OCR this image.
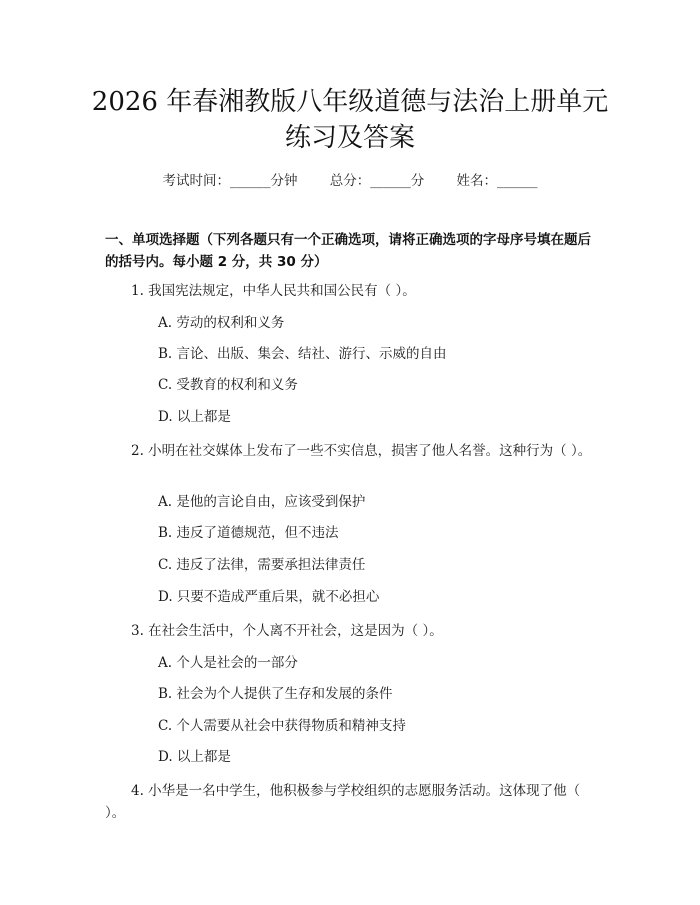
2026 年春湘教版八年级道德与法治上册单元
练习及答案
考试时间：______分钟 总分：______分 姓名：______
一、单项选择题（下列各题只有一个正确选项，请将正确选项的字母序号填在题后的括号内。每小题 2 分，共 30 分）
1. 我国宪法规定，中华人民共和国公民有（ ）。
A. 劳动的权利和义务
B. 言论、出版、集会、结社、游行、示威的自由
C. 受教育的权利和义务
D. 以上都是
2. 小明在社交媒体上发布了一些不实信息，损害了他人名誉。这种行为（ ）。
A. 是他的言论自由，应该受到保护
B. 违反了道德规范，但不违法
C. 违反了法律，需要承担法律责任
D. 只要不造成严重后果，就不必担心
3. 在社会生活中，个人离不开社会，这是因为（ ）。
A. 个人是社会的一部分
B. 社会为个人提供了生存和发展的条件
C. 个人需要从社会中获得物质和精神支持
D. 以上都是
4. 小华是一名中学生，他积极参与学校组织的志愿服务活动。这体现了他（ ）。
